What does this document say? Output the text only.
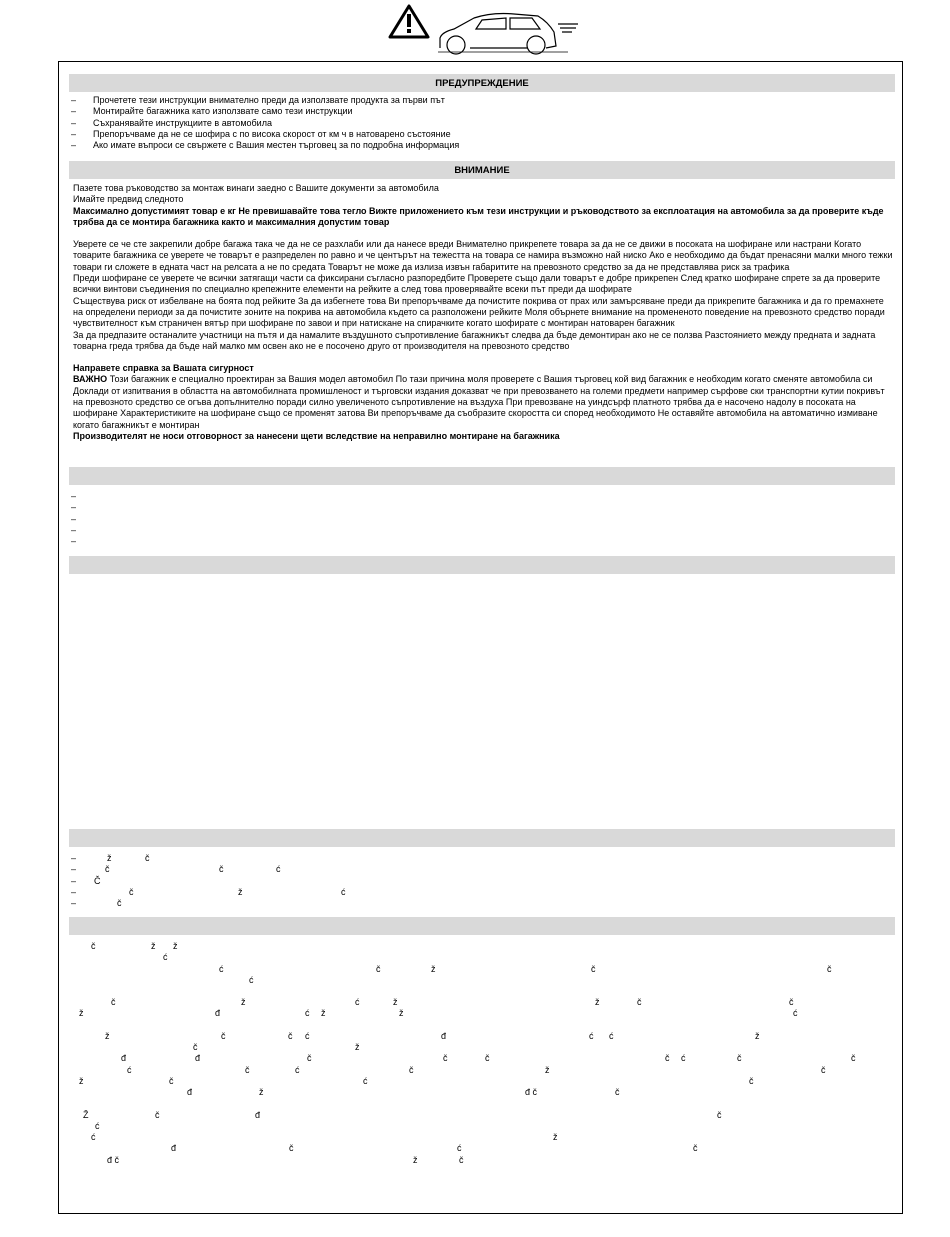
ПРЕДУПРЕЖДЕНИЕ
– Прочетете тези инструкции внимателно преди да използвате продукта за първи път
– Монтирайте багажника като използвате само тези инструкции
– Съхранявайте инструкциите в автомобила
– Препоръчваме да не се шофира с по висока скорост от км ч в натоварено състояние
– Ако имате въпроси се свържете с Вашия местен търговец за по подробна информация
ВНИМАНИЕ

Пазете това ръководство за монтаж винаги заедно с Вашите документи за автомобила

Имайте предвид следното

Максимално допустимият товар е кг Не превишавайте това тегло Вижте приложението към тези инструкции и ръководството за експлоатация на автомобила за да проверите къде трябва да се монтира багажника както и максималния допустим товар

Уверете се че сте закрепили добре багажа така че да не се разхлаби или да нанесе вреди Внимателно прикрепете товара за да не се движи в посоката на шофиране или настрани Когато товарите багажника се уверете че товарът е разпределен по равно и че центърът на тежестта на товара се намира възможно най ниско Ако е необходимо да бъдат пренасяни малки много тежки товари ги сложете в едната част на релсата а не по средата Товарът не може да излиза извън габаритите на превозното средство за да не представлява риск за трафика

Преди шофиране се уверете че всички затягащи части са фиксирани съгласно разпоредбите Проверете също дали товарът е добре прикрепен След кратко шофиране спрете за да проверите всички винтови съединения по специално крепежните елементи на рейките а след това проверявайте всеки път преди да шофирате

Съществува риск от избелване на боята под рейките За да избегнете това Ви препоръчваме да почистите покрива от прах или замърсяване преди да прикрепите багажника и да го премахнете на определени периоди за да почистите зоните на покрива на автомобила където са разположени рейките Моля обърнете внимание на промененото поведение на превозното средство поради чувствителност към страничен вятър при шофиране по завои и при натискане на спирачките когато шофирате с монтиран натоварен багажник

За да предпазите останалите участници на пътя и да намалите въздушното съпротивление багажникът следва да бъде демонтиран ако не се ползва Разстоянието между предната и задната товарна греда трябва да бъде най малко мм освен ако не е посочено друго от производителя на превозното средство

Направете справка за Вашата сигурност

ВАЖНО Този багажник е специално проектиран за Вашия модел автомобил По тази причина моля проверете с Вашия търговец кой вид багажник е необходим когато сменяте автомобила си Доклади от изпитвания в областта на автомобилната промишленост и търговски издания доказват че при превозването на големи предмети например сърфове ски транспортни кутии покривът на превозното средство се огъва допълнително поради силно увеличеното съпротивление на въздуха При превозване на уиндсърф платното трябва да е насочено надолу в посоката на шофиране Характеристиките на шофиране също се променят затова Ви препоръчваме да съобразите скоростта си според необходимото Не оставяйте автомобила на автоматично измиване когато багажникът е монтиран

Производителят не носи отговорност за нанесени щети вследствие на неправилно монтиране на багажника

–
–
–
–
–
–	ž	č
–	č	č	ć
– Č
–	č	ž	ć
–	č
č	ž ž
ć
ć	č	ž	č	č
ć
č	ž	ć	ž	ž	č	č
ž	đ	ć ž	ž	ć
ž	č	č ć	đ	ć ć	ž
č	ž
đ	đ	č	č	č	č ć	č	č
ć	č	ć	č	ž	č
ž	č	ć	č
đ	ž	đ č	č
Ž	č	đ	č
ć
ć	ž
đ	č	ć	č
đ č	ž	č
